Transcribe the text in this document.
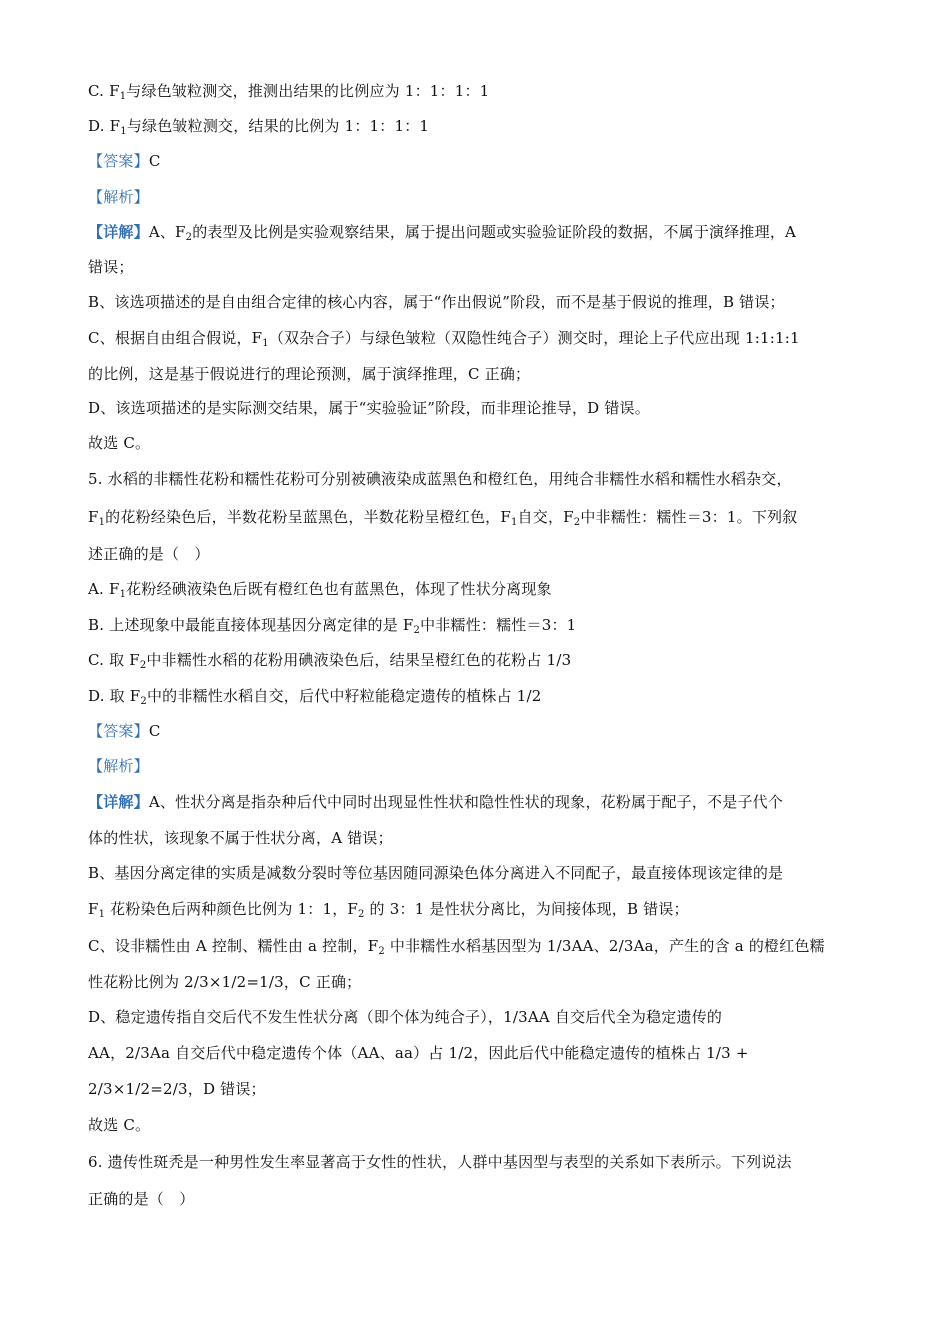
C. $F_1$与绿色皱粒测交，推测出结果的比例应为 1：1：1：1
D. $F_1$与绿色皱粒测交，结果的比例为 1：1：1：1
【答案】C
【解析】
【详解】A、$F_2$的表型及比例是实验观察结果，属于提出问题或实验验证阶段的数据，不属于演绎推理，A
错误；
B、该选项描述的是自由组合定律的核心内容，属于“作出假说”阶段，而不是基于假说的推理，B 错误；
C、根据自由组合假说，$F_1$（双杂合子）与绿色皱粒（双隐性纯合子）测交时，理论上子代应出现 1:1:1:1
的比例，这是基于假说进行的理论预测，属于演绎推理，C 正确；
D、该选项描述的是实际测交结果，属于“实验验证”阶段，而非理论推导，D 错误。
故选 C。
5. 水稻的非糯性花粉和糯性花粉可分别被碘液染成蓝黑色和橙红色，用纯合非糯性水稻和糯性水稻杂交，
$F_1$的花粉经染色后，半数花粉呈蓝黑色，半数花粉呈橙红色，$F_1$自交，$F_2$中非糯性：糯性＝3：1。下列叙
述正确的是（　）
A. $F_1$花粉经碘液染色后既有橙红色也有蓝黑色，体现了性状分离现象
B. 上述现象中最能直接体现基因分离定律的是 $F_2$中非糯性：糯性＝3：1
C. 取 $F_2$中非糯性水稻的花粉用碘液染色后，结果呈橙红色的花粉占 1/3
D. 取 $F_2$中的非糯性水稻自交，后代中籽粒能稳定遗传的植株占 1/2
【答案】C
【解析】
【详解】A、性状分离是指杂种后代中同时出现显性性状和隐性性状的现象，花粉属于配子，不是子代个
体的性状，该现象不属于性状分离，A 错误；
B、基因分离定律的实质是减数分裂时等位基因随同源染色体分离进入不同配子，最直接体现该定律的是
$F_1$ 花粉染色后两种颜色比例为 1：1，$F_2$ 的 3：1 是性状分离比，为间接体现，B 错误；
C、设非糯性由 A 控制、糯性由 a 控制，$F_2$ 中非糯性水稻基因型为 1/3AA、2/3Aa，产生的含 a 的橙红色糯
性花粉比例为 2/3×1/2=1/3，C 正确；
D、稳定遗传指自交后代不发生性状分离（即个体为纯合子），1/3AA 自交后代全为稳定遗传的
AA，2/3Aa 自交后代中稳定遗传个体（AA、aa）占 1/2，因此后代中能稳定遗传的植株占 1/3 +
2/3×1/2=2/3，D 错误；
故选 C。
6. 遗传性斑秃是一种男性发生率显著高于女性的性状，人群中基因型与表型的关系如下表所示。下列说法
正确的是（　）
